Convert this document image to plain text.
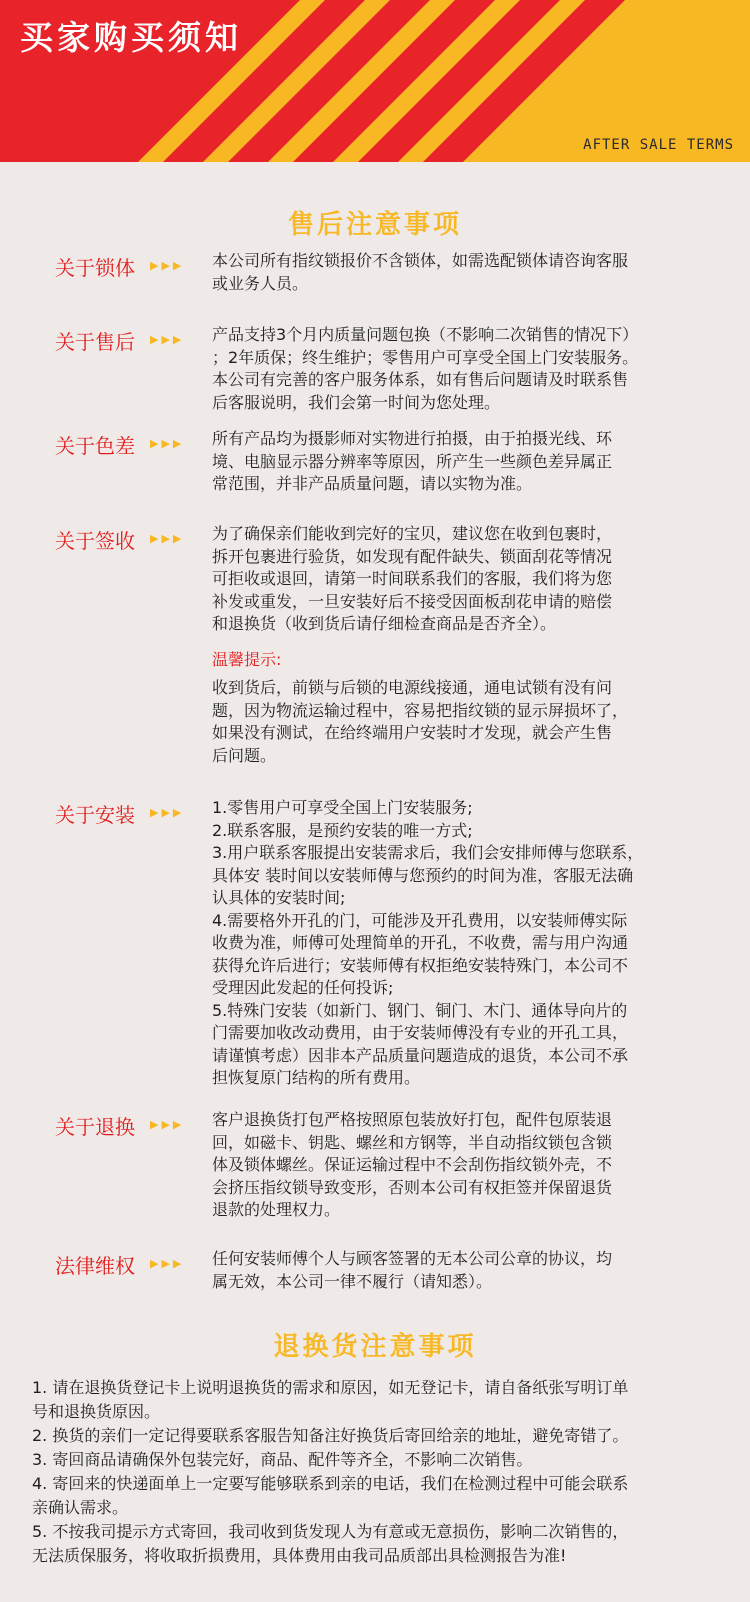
买家购买须知
AFTER SALE TERMS
售后注意事项
关于锁体 ▶▶▶ 本公司所有指纹锁报价不含锁体，如需选配锁体请咨询客服
或业务人员。
关于售后 ▶▶▶ 产品支持3个月内质量问题包换（不影响二次销售的情况下）
；2年质保；终生维护；零售用户可享受全国上门安装服务。
本公司有完善的客户服务体系，如有售后问题请及时联系售
后客服说明，我们会第一时间为您处理。
关于色差 ▶▶▶ 所有产品均为摄影师对实物进行拍摄，由于拍摄光线、环
境、电脑显示器分辨率等原因，所产生一些颜色差异属正
常范围，并非产品质量问题，请以实物为准。
关于签收 ▶▶▶ 为了确保亲们能收到完好的宝贝，建议您在收到包裹时，
拆开包裹进行验货，如发现有配件缺失、锁面刮花等情况
可拒收或退回，请第一时间联系我们的客服，我们将为您
补发或重发，一旦安装好后不接受因面板刮花申请的赔偿
和退换货（收到货后请仔细检查商品是否齐全）。
温馨提示:
收到货后，前锁与后锁的电源线接通，通电试锁有没有问
题，因为物流运输过程中，容易把指纹锁的显示屏损坏了，
如果没有测试，在给终端用户安装时才发现，就会产生售
后问题。
关于安装 ▶▶▶ 1.零售用户可享受全国上门安装服务;
2.联系客服，是预约安装的唯一方式;
3.用户联系客服提出安装需求后，我们会安排师傅与您联系，
具体安 装时间以安装师傅与您预约的时间为准，客服无法确
认具体的安装时间;
4.需要格外开孔的门，可能涉及开孔费用，以安装师傅实际
收费为准，师傅可处理简单的开孔，不收费，需与用户沟通
获得允许后进行；安装师傅有权拒绝安装特殊门，本公司不
受理因此发起的任何投诉;
5.特殊门安装（如新门、钢门、铜门、木门、通体导向片的
门需要加收改动费用，由于安装师傅没有专业的开孔工具，
请谨慎考虑）因非本产品质量问题造成的退货，本公司不承
担恢复原门结构的所有费用。
关于退换 ▶▶▶ 客户退换货打包严格按照原包装放好打包，配件包原装退
回，如磁卡、钥匙、螺丝和方钢等，半自动指纹锁包含锁
体及锁体螺丝。保证运输过程中不会刮伤指纹锁外壳，不
会挤压指纹锁导致变形，否则本公司有权拒签并保留退货
退款的处理权力。
法律维权 ▶▶▶ 任何安装师傅个人与顾客签署的无本公司公章的协议，均
属无效，本公司一律不履行（请知悉）。
退换货注意事项
1. 请在退换货登记卡上说明退换货的需求和原因，如无登记卡，请自备纸张写明订单
号和退换货原因。
2. 换货的亲们一定记得要联系客服告知备注好换货后寄回给亲的地址，避免寄错了。
3. 寄回商品请确保外包装完好，商品、配件等齐全，不影响二次销售。
4. 寄回来的快递面单上一定要写能够联系到亲的电话，我们在检测过程中可能会联系
亲确认需求。
5. 不按我司提示方式寄回，我司收到货发现人为有意或无意损伤，影响二次销售的，
无法质保服务，将收取折损费用，具体费用由我司品质部出具检测报告为准!
